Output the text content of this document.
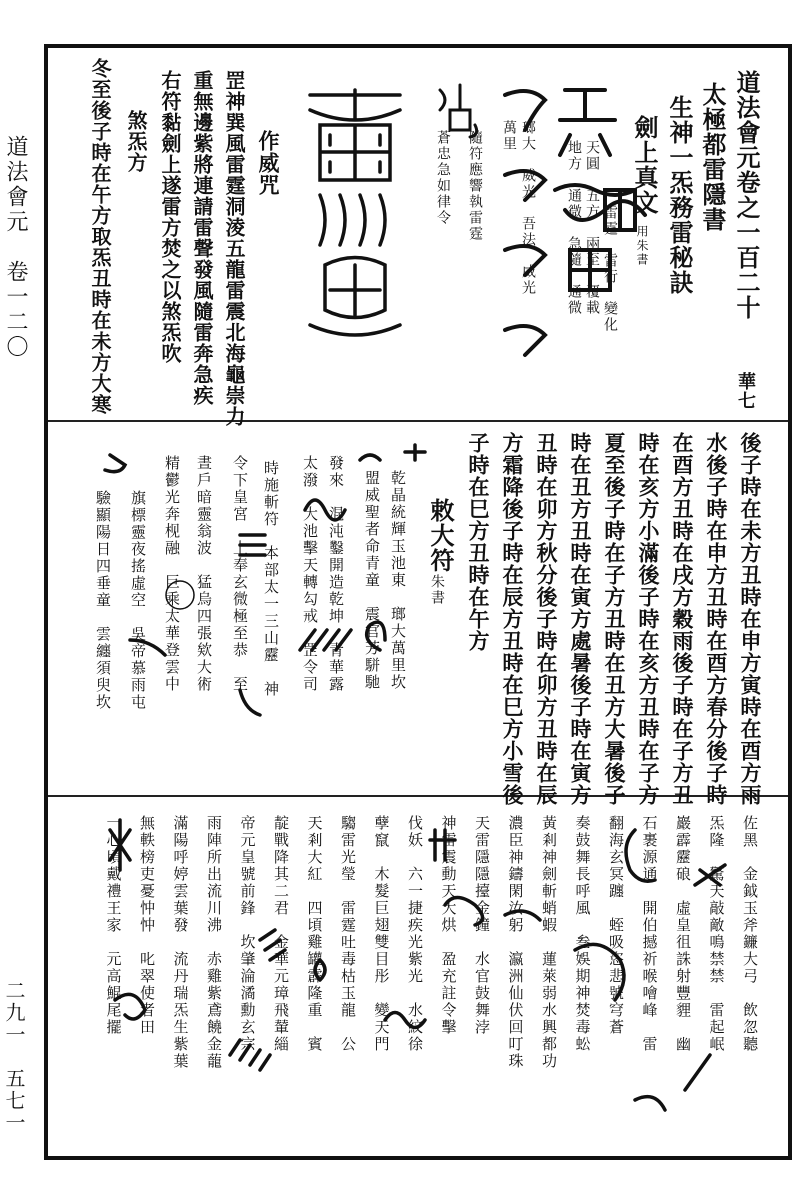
道法會元　卷一二〇
二九一　五七一
道法會元卷之一百二十
華七
太極都雷隱書
生神一炁務雷秘訣
劍上真文
用朱書
雷霆　雷行　變化
天圓　五方　兩至　覆載
地方　通微　急隨　通微
瑯大　威光　吾法　威光
萬里
隨符應響執雷霆
蒼忠急如律令
作威咒
罡神巽風雷霆洞淩五龍雷震北海龜崇力
重無邊紫將連請雷聲發風隨雷奔急疾
右符黏劍上遂雷方焚之以煞炁吹
煞炁方
冬至後子時在午方取炁丑時在未方大寒
後子時在未方丑時在申方寅時在酉方雨
水後子時在申方丑時在酉方春分後子時
在酉方丑時在戌方穀雨後子時在子方丑
時在亥方小滿後子時在亥方丑時在子方
夏至後子時在子方丑時在丑方大暑後子
時在丑方丑時在寅方處暑後子時在寅方
丑時在卯方秋分後子時在卯方丑時在辰
方霜降後子時在辰方丑時在巳方小雪後
子時在巳方丑時在午方
敕大符
朱書
乾晶統輝玉池東　瑯大萬里坎
盟威聖者命青童　震官芳駢馳
發來　混沌鑿開造乾坤　青華露
太潑　大池擊天轉勾戒　罡令司
時施斬符　本部太一三山靂　神
令下皇宮　上奉玄微極至恭　至
晝戶暗靈翁波　猛烏四張欸大術
精鬱光奔枧融　巨乘太華登雲中
旗標靈夜搖虛空　吳帝慕雨屯
驗顯陽日四垂童　雲纏須臾坎
佐黑　金鉞玉斧鐮大弓　飲忽聽
炁隆　驚天敲敵鳴禁禁　雷起岷
巖霹靂硠　虛皇徂誅射豐貍　幽
石裹源通　開伯撼祈喉噲峰　雷
翻海玄冥躔　蛭吸恣悲號穹蒼
奏鼓舞長呼風　叁娛期神焚毒蚣
黃剎神劍斬蛸蝦　蓮萊弱水興都功
濃臣神鑄閑汝躬　瀛洲仙伏回叮珠
天雷隱隱擡金鐘　水官鼓舞浡
神雷震動天大烘　盈充註令擊
伐妖　六一捷疾光紫光　水紋徐
孽竄　木髮巨翅雙目彤　變天門
騶雷光瑩　雷霆吐毒枯玉龍　公
天剎大紅　四頃雞罐霹隆重　賓
靛戰降其二君　金華元璋飛輦緇
帝元皇號前鋒　坎肇淪潏勳玄宗
雨陣所出流川沸　赤雞紫鳶饒金蘢
滿陽呼婷雲葉發　流丹瑞炁生紫葉
無軼榜吏憂忡忡　叱翠使者田
一心頃戴禮王家　元高鯤尾擺
